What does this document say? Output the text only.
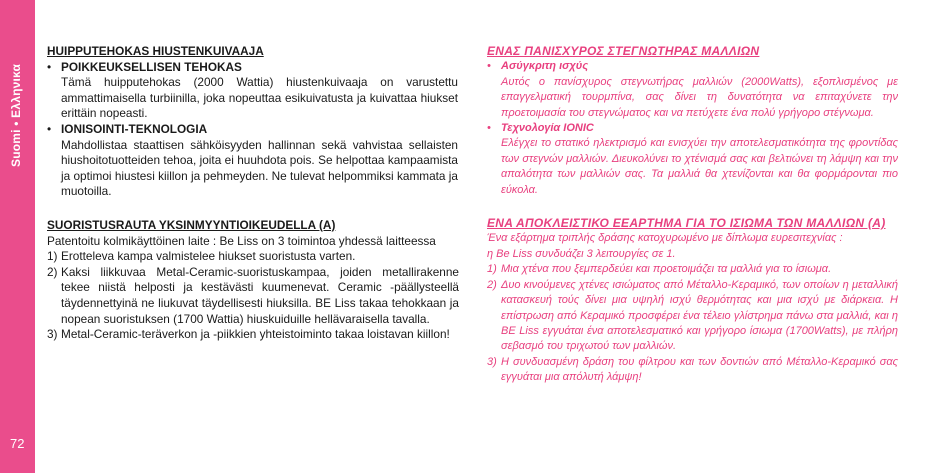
Suomi • Ελληνικα
72

HUIPPUTEHOKAS HIUSTENKUIVAAJA

• POIKKEUKSELLISEN TEHOKAS

Tämä huipputehokas (2000 Wattia) hiustenkuivaaja on varustettu ammattimaisella turbiinilla, joka nopeuttaa esikuivatusta ja kuivattaa hiukset erittäin nopeasti.

• IONISOINTI-TEKNOLOGIA

Mahdollistaa staattisen sähköisyyden hallinnan sekä vahvistaa sellaisten hiushoitotuotteiden tehoa, joita ei huuhdota pois. Se helpottaa kampaamista ja optimoi hiustesi kiillon ja pehmeyden. Ne tulevat helpommiksi kammata ja muotoilla.

SUORISTUSRAUTA YKSINMYYNTIOIKEUDELLA (A)

Patentoitu kolmikäyttöinen laite : Be Liss on 3 toimintoa yhdessä laitteessa

1) Erotteleva kampa valmistelee hiukset suoristusta varten.
2) Kaksi liikkuvaa Metal-Ceramic-suoristuskampaa, joiden metallirakenne tekee niistä helposti ja kestävästi kuumenevat. Ceramic -päällysteellä täydennettyinä ne liukuvat täydellisesti hiuksilla. BE Liss takaa tehokkaan ja nopean suoristuksen (1700 Wattia) hiuskuiduille hellävaraisella tavalla.
3) Metal-Ceramic-teräverkon ja -piikkien yhteistoiminto takaa loistavan kiillon!

ΕΝΑΣ ΠΑΝΙΣΧΥΡΟΣ ΣΤΕΓΝΩΤΗΡΑΣ ΜΑΛΛΙΩΝ

• Ασύγκριτη ισχύς

Αυτός ο πανίσχυρος στεγνωτήρας μαλλιών (2000Watts), εξοπλισμένος με επαγγελματική τουρμπίνα, σας δίνει τη δυνατότητα να επιταχύνετε την προετοιμασία του στεγνώματος και να πετύχετε ένα πολύ γρήγορο στέγνωμα.

• Τεχνολογία IONIC

Ελέγχει το στατικό ηλεκτρισμό και ενισχύει την αποτελεσματικότητα της φροντίδας των στεγνών μαλλιών. Διευκολύνει το χτένισμά σας και βελτιώνει τη λάμψη και την απαλότητα των μαλλιών σας. Τα μαλλιά θα χτενίζονται και θα φορμάρονται πιο εύκολα.

ΕΝΑ ΑΠΟΚΛΕΙΣΤΙΚΟ ΕΕΑΡΤΗΜΑ ΓΙΑ ΤΟ ΙΣΙΩΜΑ ΤΩΝ ΜΑΛΛΙΩΝ (A)

Ένα εξάρτημα τριπλής δράσης κατοχυρωμένο με δίπλωμα ευρεσιτεχνίας :

η Be Liss συνδυάζει 3 λειτουργίες σε 1.

1) Μια χτένα που ξεμπερδεύει και προετοιμάζει τα μαλλιά για το ίσιωμα.
2) Δυο κινούμενες χτένες ισιώματος από Μέταλλο-Κεραμικό, των οποίων η μεταλλική κατασκευή τούς δίνει μια υψηλή ισχύ θερμότητας και μια ισχύ με διάρκεια. Η επίστρωση από Κεραμικό προσφέρει ένα τέλειο γλίστρημα πάνω στα μαλλιά, και η BE Liss εγγυάται ένα αποτελεσματικό και γρήγορο ίσιωμα (1700Watts), με πλήρη σεβασμό του τριχωτού των μαλλιών.
3) Η συνδυασμένη δράση του φίλτρου και των δοντιών από Μέταλλο-Κεραμικό σας εγγυάται μια απόλυτή λάμψη!
